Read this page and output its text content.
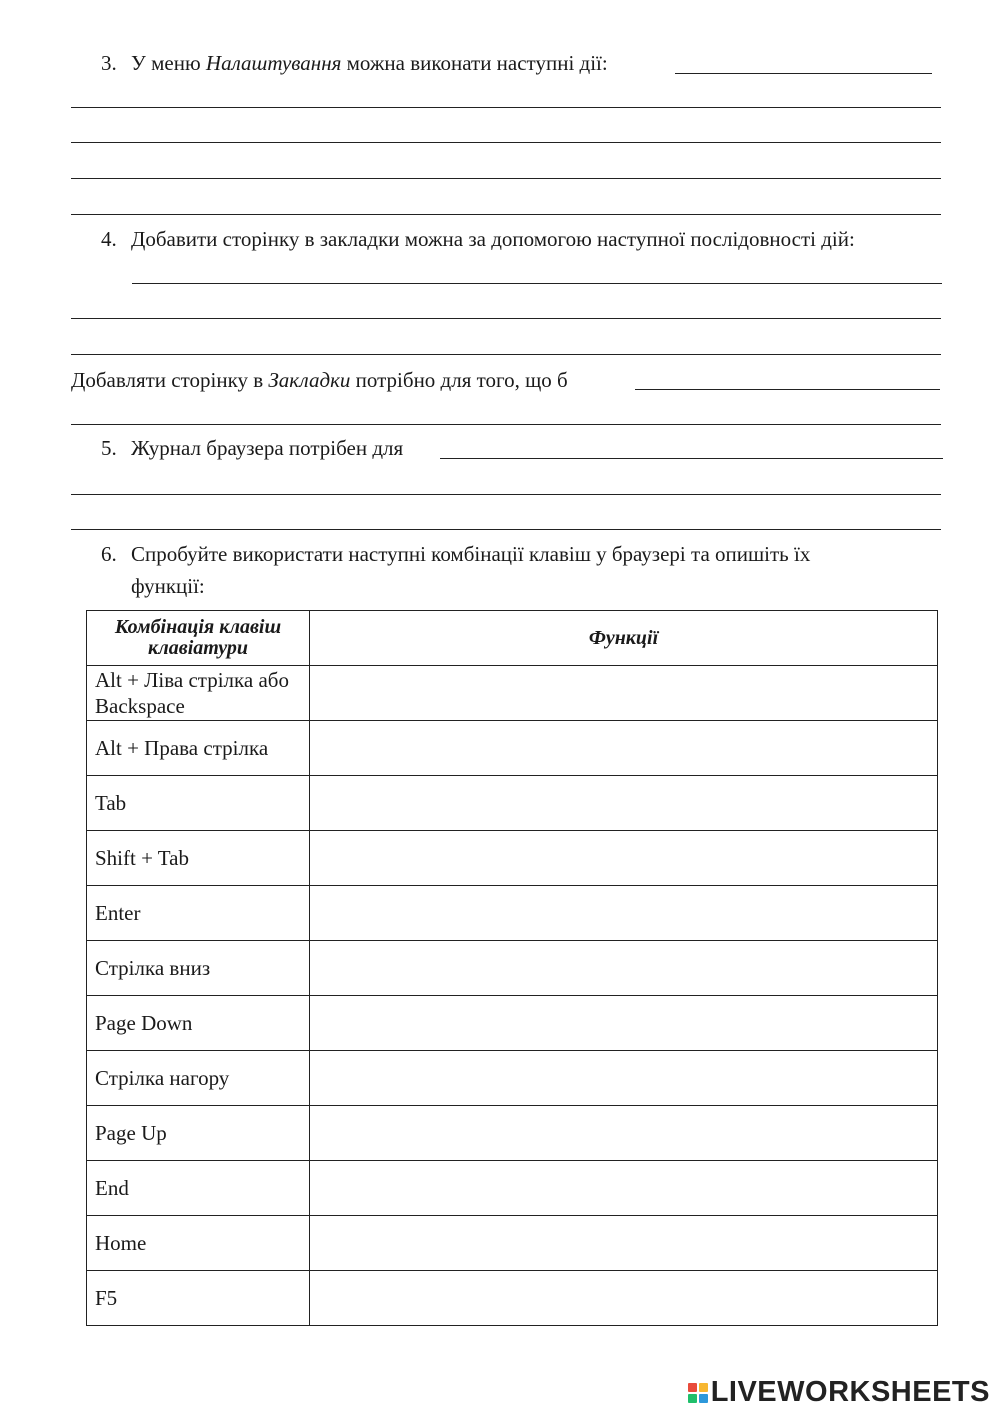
3. У меню Налаштування можна виконати наступні дії:
4. Добавити сторінку в закладки можна за допомогою наступної послідовності дій:
Добавляти сторінку в Закладки потрібно для того, що б
5. Журнал браузера потрібен для
6. Спробуйте використати наступні комбінації клавіш у браузері та опишіть їх
функції:
Комбінація клавіш клавіатури	Функції
Alt + Ліва стрілка або Backspace	
Alt + Права стрілка	
Tab	
Shift + Tab	
Enter	
Стрілка вниз	
Page Down	
Стрілка нагору	
Page Up	
End	
Home	
F5	
LIVEWORKSHEETS
